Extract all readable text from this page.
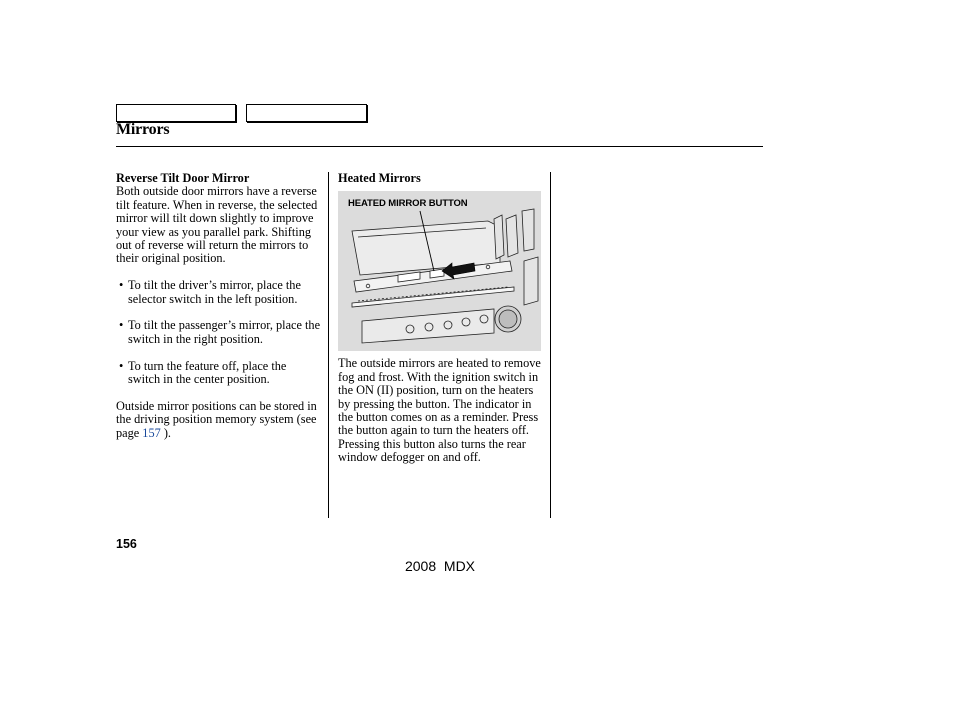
Mirrors
Reverse Tilt Door Mirror

Both outside door mirrors have a reverse tilt feature. When in reverse, the selected mirror will tilt down slightly to improve your view as you parallel park. Shifting out of reverse will return the mirrors to their original position.

• To tilt the driver’s mirror, place the selector switch in the left position.
• To tilt the passenger’s mirror, place the switch in the right position.
• To turn the feature off, place the switch in the center position.

Outside mirror positions can be stored in the driving position memory system (see page 157 ).

Heated Mirrors
HEATED MIRROR BUTTON

The outside mirrors are heated to remove fog and frost. With the ignition switch in the ON (II) position, turn on the heaters by pressing the button. The indicator in the button comes on as a reminder. Press the button again to turn the heaters off. Pressing this button also turns the rear window defogger on and off.

156
2008 MDX
